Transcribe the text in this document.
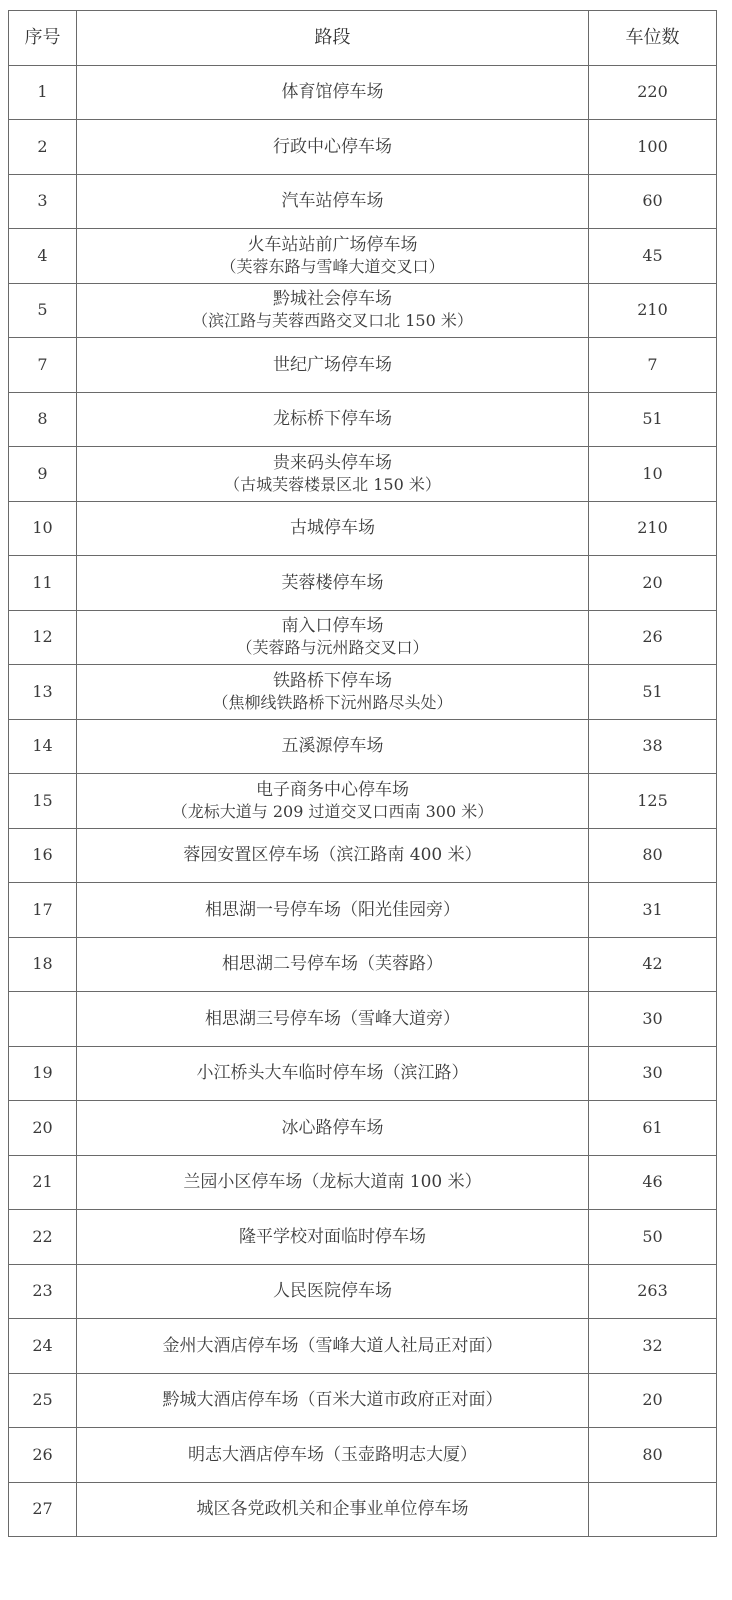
序号	路段	车位数
1	体育馆停车场	220
2	行政中心停车场	100
3	汽车站停车场	60
4	火车站站前广场停车场
（芙蓉东路与雪峰大道交叉口）	45
5	黔城社会停车场
（滨江路与芙蓉西路交叉口北 150 米）	210
7	世纪广场停车场	7
8	龙标桥下停车场	51
9	贵来码头停车场
（古城芙蓉楼景区北 150 米）	10
10	古城停车场	210
11	芙蓉楼停车场	20
12	南入口停车场
（芙蓉路与沅州路交叉口）	26
13	铁路桥下停车场
（焦柳线铁路桥下沅州路尽头处）	51
14	五溪源停车场	38
15	电子商务中心停车场
（龙标大道与 209 过道交叉口西南 300 米）	125
16	蓉园安置区停车场（滨江路南 400 米）	80
17	相思湖一号停车场（阳光佳园旁）	31
18	相思湖二号停车场（芙蓉路）	42

	相思湖三号停车场（雪峰大道旁）	30
19	小江桥头大车临时停车场（滨江路）	30
20	冰心路停车场	61
21	兰园小区停车场（龙标大道南 100 米）	46
22	隆平学校对面临时停车场	50
23	人民医院停车场	263
24	金州大酒店停车场（雪峰大道人社局正对面）	32
25	黔城大酒店停车场（百米大道市政府正对面）	20
26	明志大酒店停车场（玉壶路明志大厦）	80
27	城区各党政机关和企事业单位停车场	
